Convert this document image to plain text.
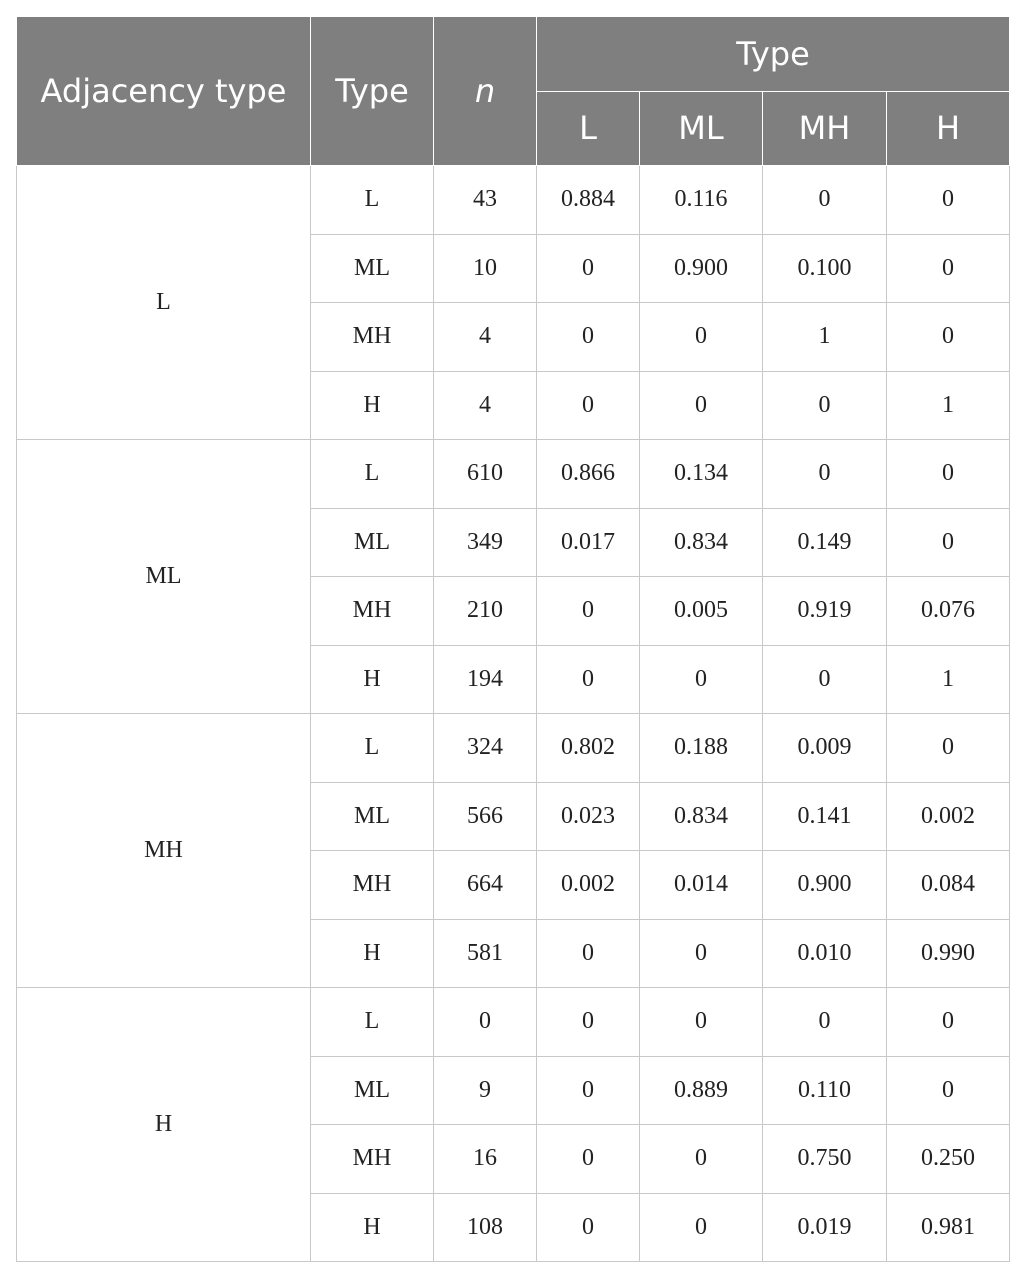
Adjacency type	Type	n	Type			
			L	ML	MH	H
L	L	43	0.884	0.116	0	0
	ML	10	0	0.900	0.100	0
	MH	4	0	0	1	0
	H	4	0	0	0	1
ML	L	610	0.866	0.134	0	0
	ML	349	0.017	0.834	0.149	0
	MH	210	0	0.005	0.919	0.076
	H	194	0	0	0	1
MH	L	324	0.802	0.188	0.009	0
	ML	566	0.023	0.834	0.141	0.002
	MH	664	0.002	0.014	0.900	0.084
	H	581	0	0	0.010	0.990
H	L	0	0	0	0	0
	ML	9	0	0.889	0.110	0
	MH	16	0	0	0.750	0.250
	H	108	0	0	0.019	0.981
